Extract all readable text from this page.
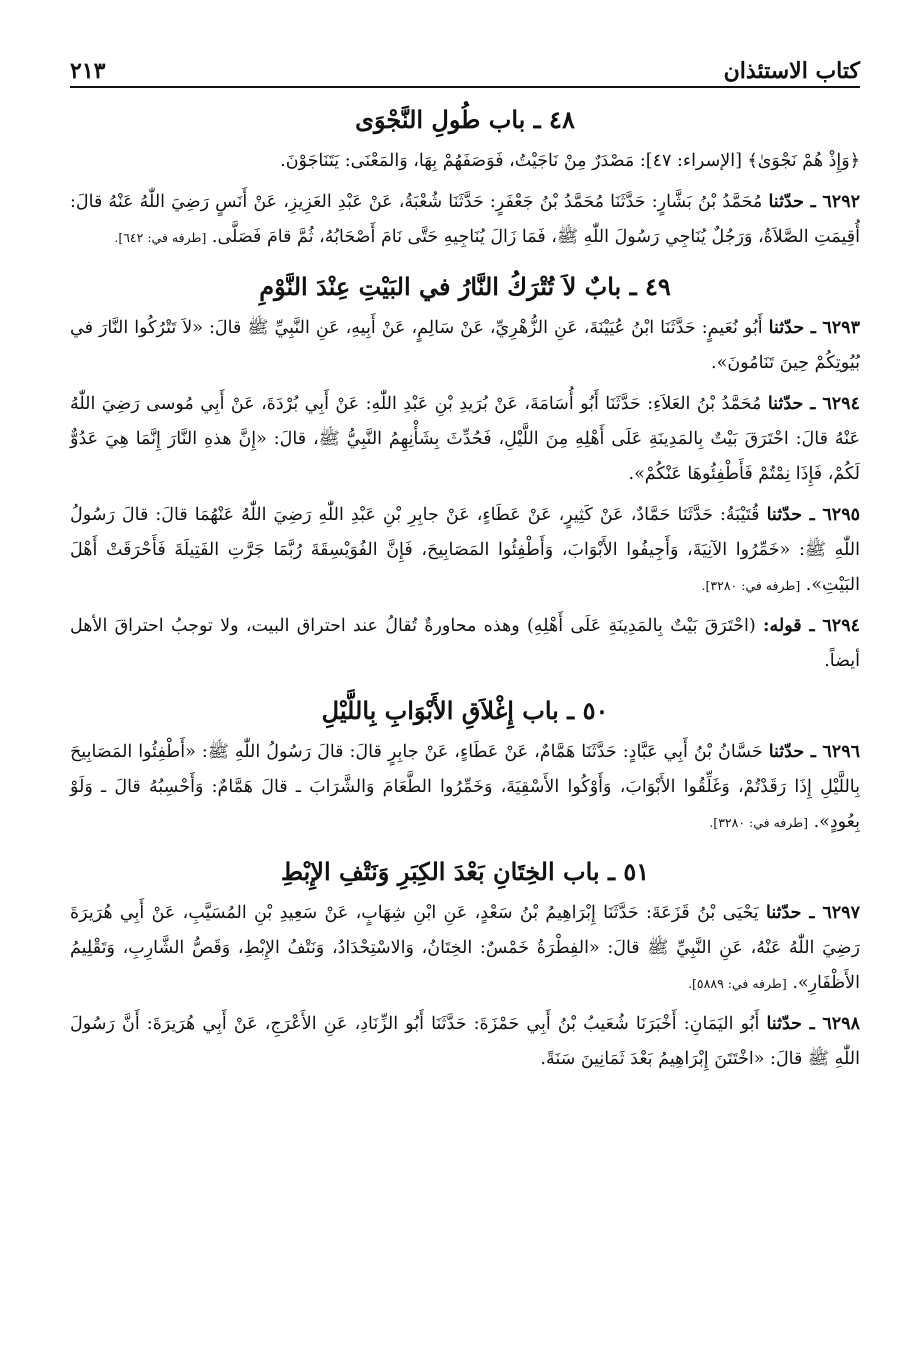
كتاب الاستئذان
٢١٣
٤٨ ـ باب طُولِ النَّجْوَى

﴿وَإِذْ هُمْ نَجْوَىٰ﴾ [الإسراء: ٤٧]: مَصْدَرٌ مِنْ نَاجَيْتُ، فَوَصَفَهُمْ بِهَا، وَالمَعْنَى: يَتَنَاجَوْنَ.

٦٢٩٢ ـ حدّثنا مُحَمَّدُ بْنُ بَشَّارٍ: حَدَّثَنَا مُحَمَّدُ بْنُ جَعْفَرٍ: حَدَّثَنَا شُعْبَةُ، عَنْ عَبْدِ العَزِيزِ، عَنْ أَنَسٍ رَضِيَ اللّٰهُ عَنْهُ قالَ: أُقِيمَتِ الصَّلاَةُ، وَرَجُلٌ يُنَاجِي رَسُولَ اللّٰهِ ﷺ، فَمَا زَالَ يُنَاجِيهِ حَتَّى نَامَ أَصْحَابُهُ، ثُمَّ قامَ فَصَلَّى. [طرفه في: ٦٤٢].

٤٩ ـ بابٌ لاَ تُتْرَكُ النَّارُ في البَيْتِ عِنْدَ النَّوْمِ

٦٢٩٣ ـ حدّثنا أَبُو نُعَيمٍ: حَدَّثَنَا ابْنُ عُيَيْنَةَ، عَنِ الزُّهْرِيِّ، عَنْ سَالِمٍ، عَنْ أَبِيهِ، عَنِ النَّبِيِّ ﷺ قالَ: «لاَ تَتْرُكُوا النَّارَ في بُيُوتِكُمْ حِينَ تَنَامُونَ».

٦٢٩٤ ـ حدّثنا مُحَمَّدُ بْنُ العَلاَءِ: حَدَّثَنَا أَبُو أُسَامَةَ، عَنْ بُرَيدِ بْنِ عَبْدِ اللّٰهِ: عَنْ أَبِي بُرْدَةَ، عَنْ أَبِي مُوسى رَضِيَ اللّٰهُ عَنْهُ قالَ: احْتَرَقَ بَيْتٌ بِالمَدِينَةِ عَلَى أَهْلِهِ مِنَ اللَّيْلِ، فَحُدِّثَ بِشَأْنِهِمُ النَّبِيُّ ﷺ، قالَ: «إِنَّ هذهِ النَّارَ إِنَّمَا هِيَ عَدُوٌّ لَكُمْ، فَإِذَا نِمْتُمْ فَأَطْفِئُوهَا عَنْكُمْ».

٦٢٩٥ ـ حدّثنا قُتَيْبَةُ: حَدَّثَنَا حَمَّادٌ، عَنْ كَثِيرٍ، عَنْ عَطَاءٍ، عَنْ جابِرِ بْنِ عَبْدِ اللّٰهِ رَضِيَ اللّٰهُ عَنْهُمَا قالَ: قالَ رَسُولُ اللّٰهِ ﷺ: «خَمِّرُوا الآنِيَةَ، وَأَجِيفُوا الأَبْوَابَ، وَأَطْفِئُوا المَصَابِيحَ، فَإِنَّ الفُوَيْسِقَةَ رُبَّمَا جَرَّتِ الفَتِيلَةَ فَأَحْرَقَتْ أَهْلَ البَيْتِ». [طرفه في: ٣٢٨٠].

٦٢٩٤ ـ قوله: (احْتَرَقَ بَيْتٌ بِالمَدِينَةِ عَلَى أَهْلِهِ) وهذه محاورةٌ تُقالُ عند احتراق البيت، ولا توجبُ احتراقَ الأهل أيضاً.

٥٠ ـ باب إِغْلاَقِ الأَبْوَابِ بِاللَّيْلِ

٦٢٩٦ ـ حدّثنا حَسَّانُ بْنُ أَبِي عَبَّادٍ: حَدَّثَنَا هَمَّامٌ، عَنْ عَطَاءٍ، عَنْ جابِرٍ قالَ: قالَ رَسُولُ اللّٰهِ ﷺ: «أَطْفِئُوا المَصَابِيحَ بِاللَّيْلِ إِذَا رَقَدْتُمْ، وَغَلِّقُوا الأَبْوَابَ، وَأَوْكُوا الأَسْقِيَةَ، وَخَمِّرُوا الطَّعَامَ وَالشَّرَابَ ـ قالَ هَمَّامٌ: وَأَحْسِبُهُ قالَ ـ وَلَوْ بِعُودٍ». [طرفه في: ٣٢٨٠].

٥١ ـ باب الخِتَانِ بَعْدَ الكِبَرِ وَنَتْفِ الإِبْطِ

٦٢٩٧ ـ حدّثنا يَحْيَى بْنُ قَزَعَةَ: حَدَّثَنَا إِبْرَاهِيمُ بْنُ سَعْدٍ، عَنِ ابْنِ شِهَابٍ، عَنْ سَعِيدِ بْنِ المُسَيَّبِ، عَنْ أَبِي هُرَيرَةَ رَضِيَ اللّٰهُ عَنْهُ، عَنِ النَّبِيِّ ﷺ قالَ: «الفِطْرَةُ خَمْسٌ: الخِتَانُ، وَالاسْتِحْدَادُ، وَنَتْفُ الإِبْطِ، وَقَصُّ الشَّارِبِ، وَتَقْلِيمُ الأَظْفَارِ». [طرفه في: ٥٨٨٩].

٦٢٩٨ ـ حدّثنا أَبُو اليَمَانِ: أَخْبَرَنَا شُعَيبُ بْنُ أَبِي حَمْزَةَ: حَدَّثَنَا أَبُو الزِّنَادِ، عَنِ الأَعْرَجِ، عَنْ أَبِي هُرَيرَةَ: أَنَّ رَسُولَ اللّٰهِ ﷺ قالَ: «اخْتَتَنَ إِبْرَاهِيمُ بَعْدَ ثَمَانِينَ سَنَةً.
